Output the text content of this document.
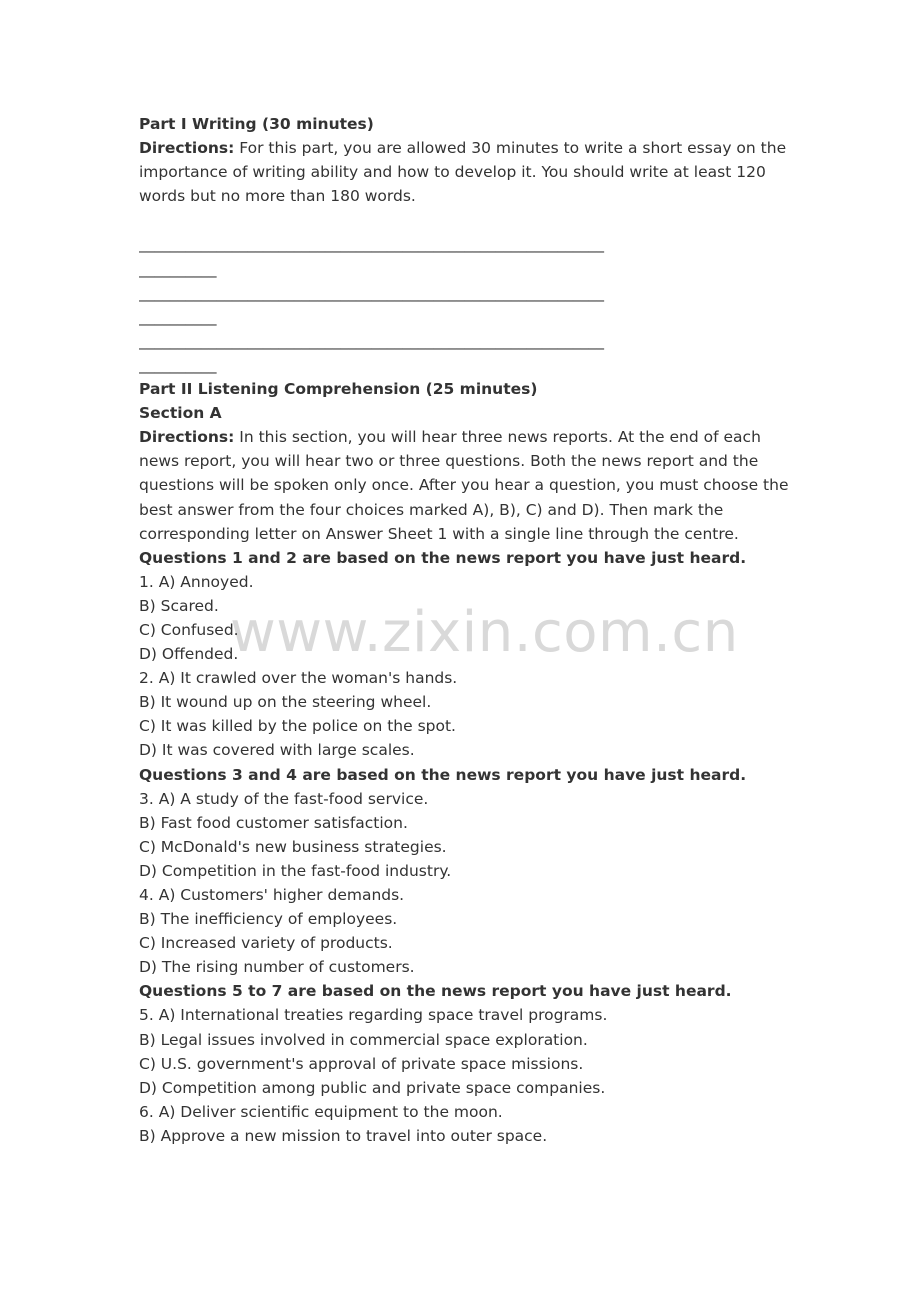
www.zixin.com.cn
Part I Writing (30 minutes)
Directions: For this part, you are allowed 30 minutes to write a short essay on the importance of writing ability and how to develop it. You should write at least 120 words but no more than 180 words.
____________________________________________________________
__________
____________________________________________________________
__________
____________________________________________________________
__________
Part II Listening Comprehension (25 minutes)
Section A
Directions: In this section, you will hear three news reports. At the end of each news report, you will hear two or three questions. Both the news report and the questions will be spoken only once. After you hear a question, you must choose the best answer from the four choices marked A), B), C) and D). Then mark the corresponding letter on Answer Sheet 1 with a single line through the centre.
Questions 1 and 2 are based on the news report you have just heard.
1. A) Annoyed.
B) Scared.
C) Confused.
D) Offended.
2. A) It crawled over the woman's hands.
B) It wound up on the steering wheel.
C) It was killed by the police on the spot.
D) It was covered with large scales.
Questions 3 and 4 are based on the news report you have just heard.
3. A) A study of the fast-food service.
B) Fast food customer satisfaction.
C) McDonald's new business strategies.
D) Competition in the fast-food industry.
4. A) Customers' higher demands.
B) The inefficiency of employees.
C) Increased variety of products.
D) The rising number of customers.
Questions 5 to 7 are based on the news report you have just heard.
5. A) International treaties regarding space travel programs.
B) Legal issues involved in commercial space exploration.
C) U.S. government's approval of private space missions.
D) Competition among public and private space companies.
6. A) Deliver scientific equipment to the moon.
B) Approve a new mission to travel into outer space.
